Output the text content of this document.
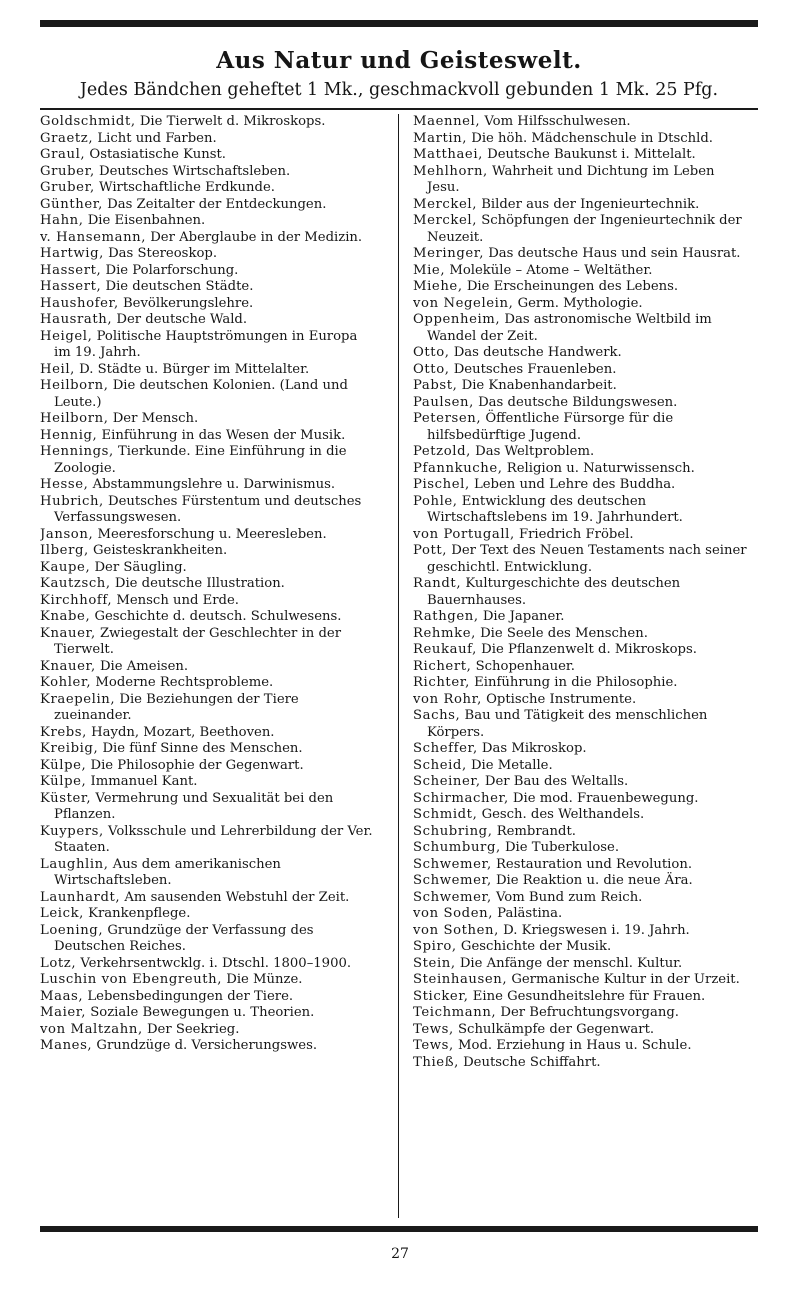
Aus Natur und Geisteswelt.

Jedes Bändchen geheftet 1 Mk., geschmackvoll gebunden 1 Mk. 25 Pfg.

Goldschmidt, Die Tierwelt d. Mikroskops.

Graetz, Licht und Farben.

Graul, Ostasiatische Kunst.

Gruber, Deutsches Wirtschaftsleben.

Gruber, Wirtschaftliche Erdkunde.

Günther, Das Zeitalter der Entdeckungen.

Hahn, Die Eisenbahnen.

v. Hansemann, Der Aberglaube in der Medizin.

Hartwig, Das Stereoskop.

Hassert, Die Polarforschung.

Hassert, Die deutschen Städte.

Haushofer, Bevölkerungslehre.

Hausrath, Der deutsche Wald.

Heigel, Politische Hauptströmungen in Europa im 19. Jahrh.

Heil, D. Städte u. Bürger im Mittelalter.

Heilborn, Die deutschen Kolonien. (Land und Leute.)

Heilborn, Der Mensch.

Hennig, Einführung in das Wesen der Musik.

Hennings, Tierkunde. Eine Einführung in die Zoologie.

Hesse, Abstammungslehre u. Darwinismus.

Hubrich, Deutsches Fürstentum und deutsches Verfassungswesen.

Janson, Meeresforschung u. Meeresleben.

Ilberg, Geisteskrankheiten.

Kaupe, Der Säugling.

Kautzsch, Die deutsche Illustration.

Kirchhoff, Mensch und Erde.

Knabe, Geschichte d. deutsch. Schulwesens.

Knauer, Zwiegestalt der Geschlechter in der Tierwelt.

Knauer, Die Ameisen.

Kohler, Moderne Rechtsprobleme.

Kraepelin, Die Beziehungen der Tiere zueinander.

Krebs, Haydn, Mozart, Beethoven.

Kreibig, Die fünf Sinne des Menschen.

Külpe, Die Philosophie der Gegenwart.

Külpe, Immanuel Kant.

Küster, Vermehrung und Sexualität bei den Pflanzen.

Kuypers, Volksschule und Lehrerbildung der Ver. Staaten.

Laughlin, Aus dem amerikanischen Wirtschaftsleben.

Launhardt, Am sausenden Webstuhl der Zeit.

Leick, Krankenpflege.

Loening, Grundzüge der Verfassung des Deutschen Reiches.

Lotz, Verkehrsentwcklg. i. Dtschl. 1800–1900.

Luschin von Ebengreuth, Die Münze.

Maas, Lebensbedingungen der Tiere.

Maier, Soziale Bewegungen u. Theorien.

von Maltzahn, Der Seekrieg.

Manes, Grundzüge d. Versicherungswes.

Maennel, Vom Hilfsschulwesen.

Martin, Die höh. Mädchenschule in Dtschld.

Matthaei, Deutsche Baukunst i. Mittelalt.

Mehlhorn, Wahrheit und Dichtung im Leben Jesu.

Merckel, Bilder aus der Ingenieurtechnik.

Merckel, Schöpfungen der Ingenieurtechnik der Neuzeit.

Meringer, Das deutsche Haus und sein Hausrat.

Mie, Moleküle – Atome – Weltäther.

Miehe, Die Erscheinungen des Lebens.

von Negelein, Germ. Mythologie.

Oppenheim, Das astronomische Weltbild im Wandel der Zeit.

Otto, Das deutsche Handwerk.

Otto, Deutsches Frauenleben.

Pabst, Die Knabenhandarbeit.

Paulsen, Das deutsche Bildungswesen.

Petersen, Öffentliche Fürsorge für die hilfsbedürftige Jugend.

Petzold, Das Weltproblem.

Pfannkuche, Religion u. Naturwissensch.

Pischel, Leben und Lehre des Buddha.

Pohle, Entwicklung des deutschen Wirtschaftslebens im 19. Jahrhundert.

von Portugall, Friedrich Fröbel.

Pott, Der Text des Neuen Testaments nach seiner geschichtl. Entwicklung.

Randt, Kulturgeschichte des deutschen Bauernhauses.

Rathgen, Die Japaner.

Rehmke, Die Seele des Menschen.

Reukauf, Die Pflanzenwelt d. Mikroskops.

Richert, Schopenhauer.

Richter, Einführung in die Philosophie.

von Rohr, Optische Instrumente.

Sachs, Bau und Tätigkeit des menschlichen Körpers.

Scheffer, Das Mikroskop.

Scheid, Die Metalle.

Scheiner, Der Bau des Weltalls.

Schirmacher, Die mod. Frauenbewegung.

Schmidt, Gesch. des Welthandels.

Schubring, Rembrandt.

Schumburg, Die Tuberkulose.

Schwemer, Restauration und Revolution.

Schwemer, Die Reaktion u. die neue Ära.

Schwemer, Vom Bund zum Reich.

von Soden, Palästina.

von Sothen, D. Kriegswesen i. 19. Jahrh.

Spiro, Geschichte der Musik.

Stein, Die Anfänge der menschl. Kultur.

Steinhausen, Germanische Kultur in der Urzeit.

Sticker, Eine Gesundheitslehre für Frauen.

Teichmann, Der Befruchtungsvorgang.

Tews, Schulkämpfe der Gegenwart.

Tews, Mod. Erziehung in Haus u. Schule.

Thieß, Deutsche Schiffahrt.

27
